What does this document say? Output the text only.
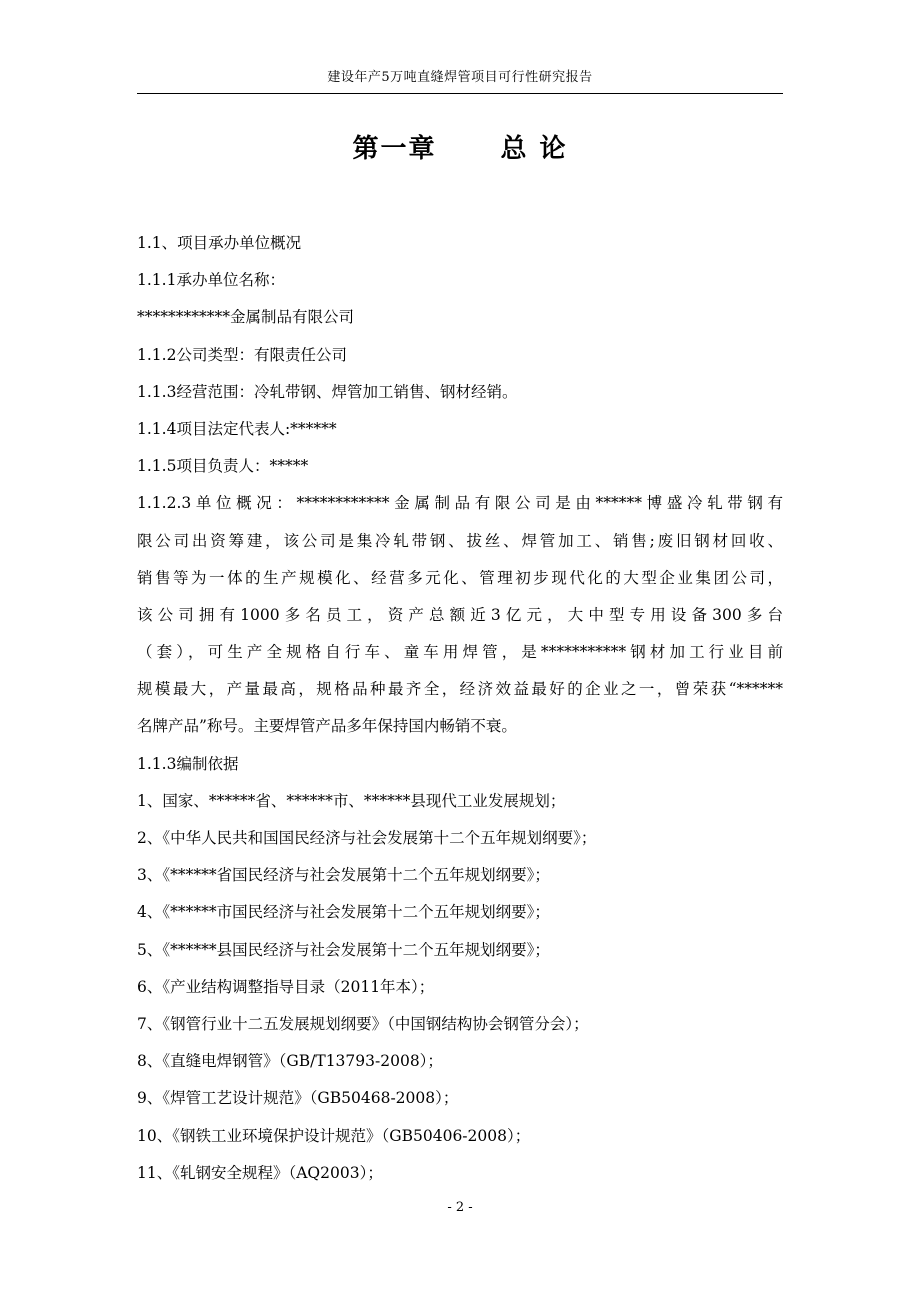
建设年产5万吨直缝焊管项目可行性研究报告
第一章 总 论
1.1、项目承办单位概况
1.1.1承办单位名称：
************金属制品有限公司
1.1.2公司类型：有限责任公司
1.1.3经营范围：冷轧带钢、焊管加工销售、钢材经销。
1.1.4项目法定代表人:******
1.1.5项目负责人：*****
1.1.2.3单位概况：************金属制品有限公司是由******博盛冷轧带钢有
限公司出资筹建，该公司是集冷轧带钢、拔丝、焊管加工、销售;废旧钢材回收、
销售等为一体的生产规模化、经营多元化、管理初步现代化的大型企业集团公司，
该公司拥有1000多名员工，资产总额近3亿元，大中型专用设备300多台
（套），可生产全规格自行车、童车用焊管，是***********钢材加工行业目前
规模最大，产量最高，规格品种最齐全，经济效益最好的企业之一，曾荣获“******
名牌产品”称号。主要焊管产品多年保持国内畅销不衰。
1.1.3编制依据
1、国家、******省、******市、******县现代工业发展规划；
2、《中华人民共和国国民经济与社会发展第十二个五年规划纲要》；
3、《******省国民经济与社会发展第十二个五年规划纲要》；
4、《******市国民经济与社会发展第十二个五年规划纲要》；
5、《******县国民经济与社会发展第十二个五年规划纲要》；
6、《产业结构调整指导目录（2011年本）；
7、《钢管行业十二五发展规划纲要》（中国钢结构协会钢管分会）；
8、《直缝电焊钢管》（GB/T13793-2008）；
9、《焊管工艺设计规范》（GB50468-2008）；
10、《钢铁工业环境保护设计规范》（GB50406-2008）；
11、《轧钢安全规程》（AQ2003）；
- 2 -
